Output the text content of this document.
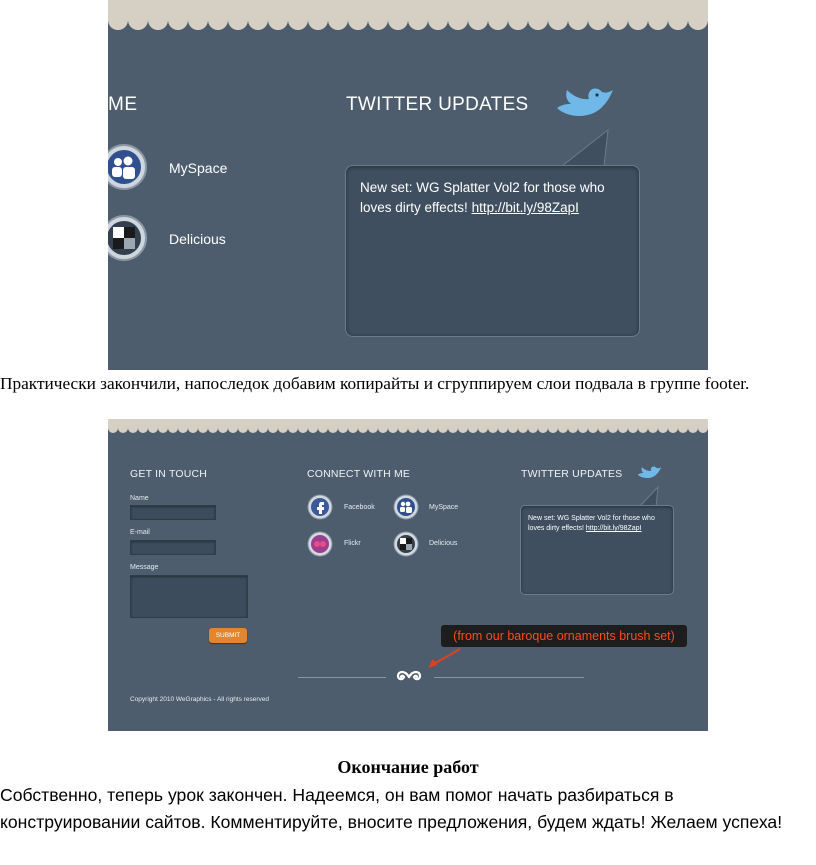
ME	TWITTER UPDATES
MySpace
Delicious
New set: WG Splatter Vol2 for those who loves dirty effects! http://bit.ly/98ZapI
Практически закончили, напоследок добавим копирайты и сгруппируем слои подвала в группе footer.
GET IN TOUCH	CONNECT WITH ME	TWITTER UPDATES
Name
E-mail
Message
SUBMIT
Facebook	MySpace
Flickr	Delicious
New set: WG Splatter Vol2 for those who loves dirty effects! http://bit.ly/98ZapI
(from our baroque ornaments brush set)
Copyright 2010 WeGraphics - All rights reserved
Окончание работ
Собственно, теперь урок закончен. Надеемся, он вам помог начать разбираться в конструировании сайтов. Комментируйте, вносите предложения, будем ждать! Желаем успеха!
